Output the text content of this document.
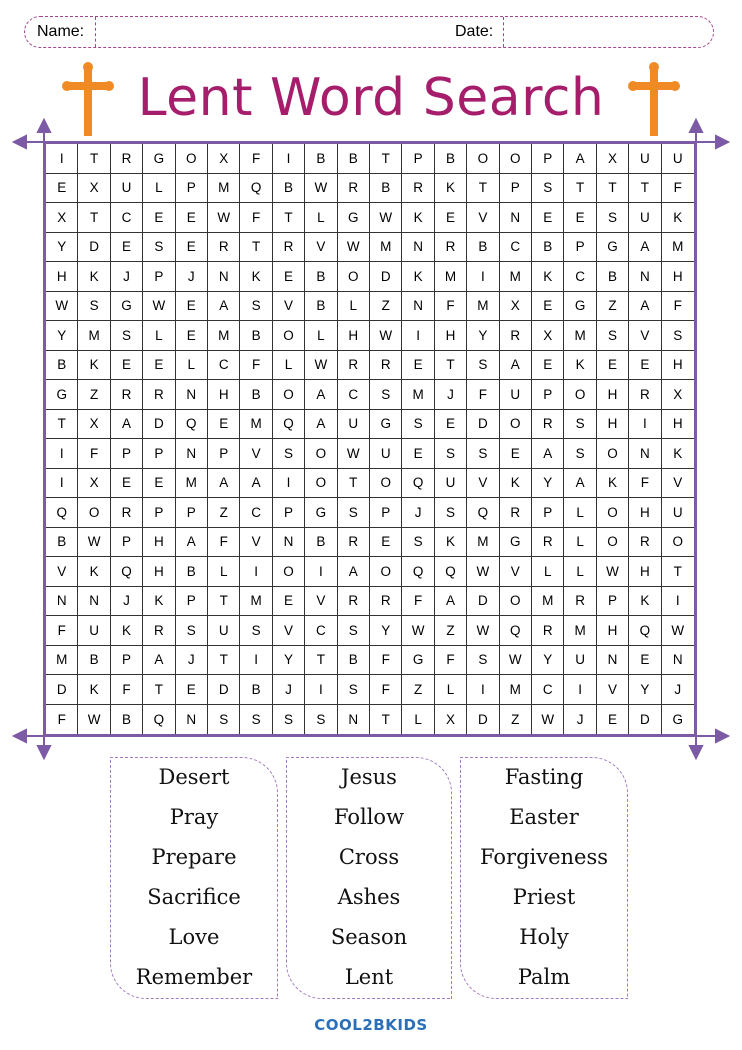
Name:	Date:
Lent Word Search
I	T	R	G	O	X	F	I	B	B	T	P	B	O	O	P	A	X	U	U
E	X	U	L	P	M	Q	B	W	R	B	R	K	T	P	S	T	T	T	F
X	T	C	E	E	W	F	T	L	G	W	K	E	V	N	E	E	S	U	K
Y	D	E	S	E	R	T	R	V	W	M	N	R	B	C	B	P	G	A	M
H	K	J	P	J	N	K	E	B	O	D	K	M	I	M	K	C	B	N	H
W	S	G	W	E	A	S	V	B	L	Z	N	F	M	X	E	G	Z	A	F
Y	M	S	L	E	M	B	O	L	H	W	I	H	Y	R	X	M	S	V	S
B	K	E	E	L	C	F	L	W	R	R	E	T	S	A	E	K	E	E	H
G	Z	R	R	N	H	B	O	A	C	S	M	J	F	U	P	O	H	R	X
T	X	A	D	Q	E	M	Q	A	U	G	S	E	D	O	R	S	H	I	H
I	F	P	P	N	P	V	S	O	W	U	E	S	S	E	A	S	O	N	K
I	X	E	E	M	A	A	I	O	T	O	Q	U	V	K	Y	A	K	F	V
Q	O	R	P	P	Z	C	P	G	S	P	J	S	Q	R	P	L	O	H	U
B	W	P	H	A	F	V	N	B	R	E	S	K	M	G	R	L	O	R	O
V	K	Q	H	B	L	I	O	I	A	O	Q	Q	W	V	L	L	W	H	T
N	N	J	K	P	T	M	E	V	R	R	F	A	D	O	M	R	P	K	I
F	U	K	R	S	U	S	V	C	S	Y	W	Z	W	Q	R	M	H	Q	W
M	B	P	A	J	T	I	Y	T	B	F	G	F	S	W	Y	U	N	E	N
D	K	F	T	E	D	B	J	I	S	F	Z	L	I	M	C	I	V	Y	J
F	W	B	Q	N	S	S	S	S	N	T	L	X	D	Z	W	J	E	D	G
Desert
Pray
Prepare
Sacrifice
Love
Remember
Jesus
Follow
Cross
Ashes
Season
Lent
Fasting
Easter
Forgiveness
Priest
Holy
Palm
COOL2BKIDS
